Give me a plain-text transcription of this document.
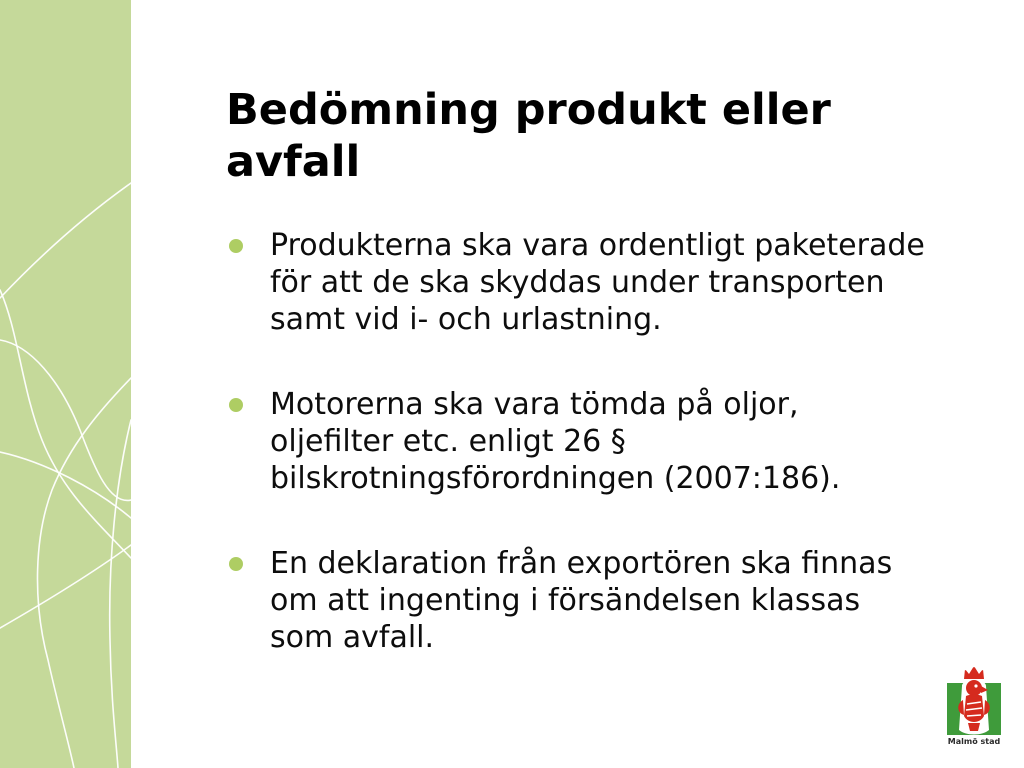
Bedömning produkt eller avfall
Produkterna ska vara ordentligt paketerade
för att de ska skyddas under transporten
samt vid i- och urlastning.
Motorerna ska vara tömda på oljor,
oljefilter etc. enligt 26 §
bilskrotningsförordningen (2007:186).
En deklaration från exportören ska finnas
om att ingenting i försändelsen klassas
som avfall.
Malmö stad
